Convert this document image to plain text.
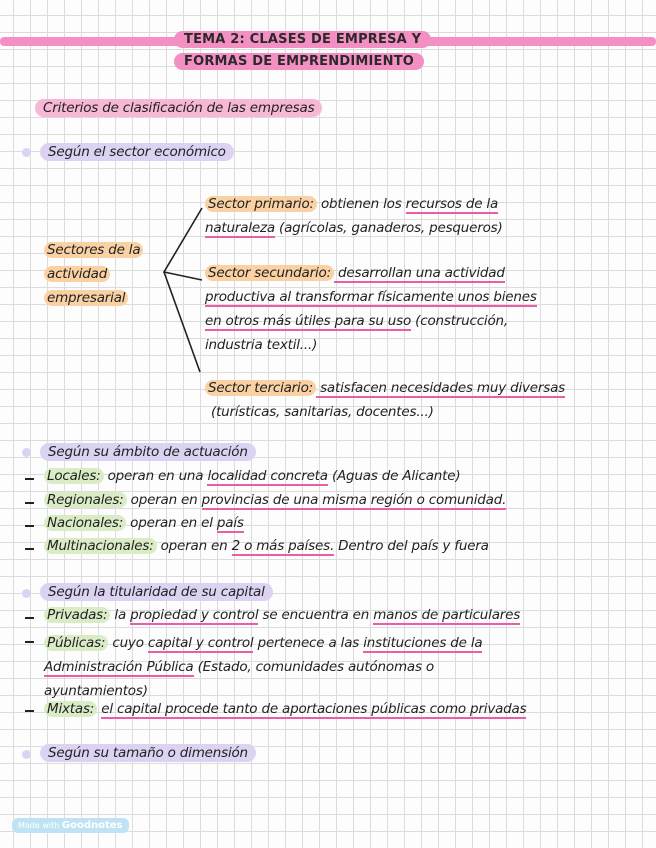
TEMA 2: CLASES DE EMPRESA Y
FORMAS DE EMPRENDIMIENTO
Criterios de clasificación de las empresas
Según el sector económico
Sectores de la
actividad
empresarial
Sector primario: obtienen los recursos de la
naturaleza (agrícolas, ganaderos, pesqueros)
Sector secundario: desarrollan una actividad
productiva al transformar físicamente unos bienes
en otros más útiles para su uso (construcción,
industria textil...)
Sector terciario: satisfacen necesidades muy diversas
(turísticas, sanitarias, docentes...)
Según su ámbito de actuación
Locales: operan en una localidad concreta (Aguas de Alicante)
Regionales: operan en provincias de una misma región o comunidad.
Nacionales: operan en el país
Multinacionales: operan en 2 o más países. Dentro del país y fuera
Según la titularidad de su capital
Privadas: la propiedad y control se encuentra en manos de particulares
Públicas: cuyo capital y control pertenece a las instituciones de la
Administración Pública (Estado, comunidades autónomas o
ayuntamientos)
Mixtas: el capital procede tanto de aportaciones públicas como privadas
Según su tamaño o dimensión
Made with Goodnotes
